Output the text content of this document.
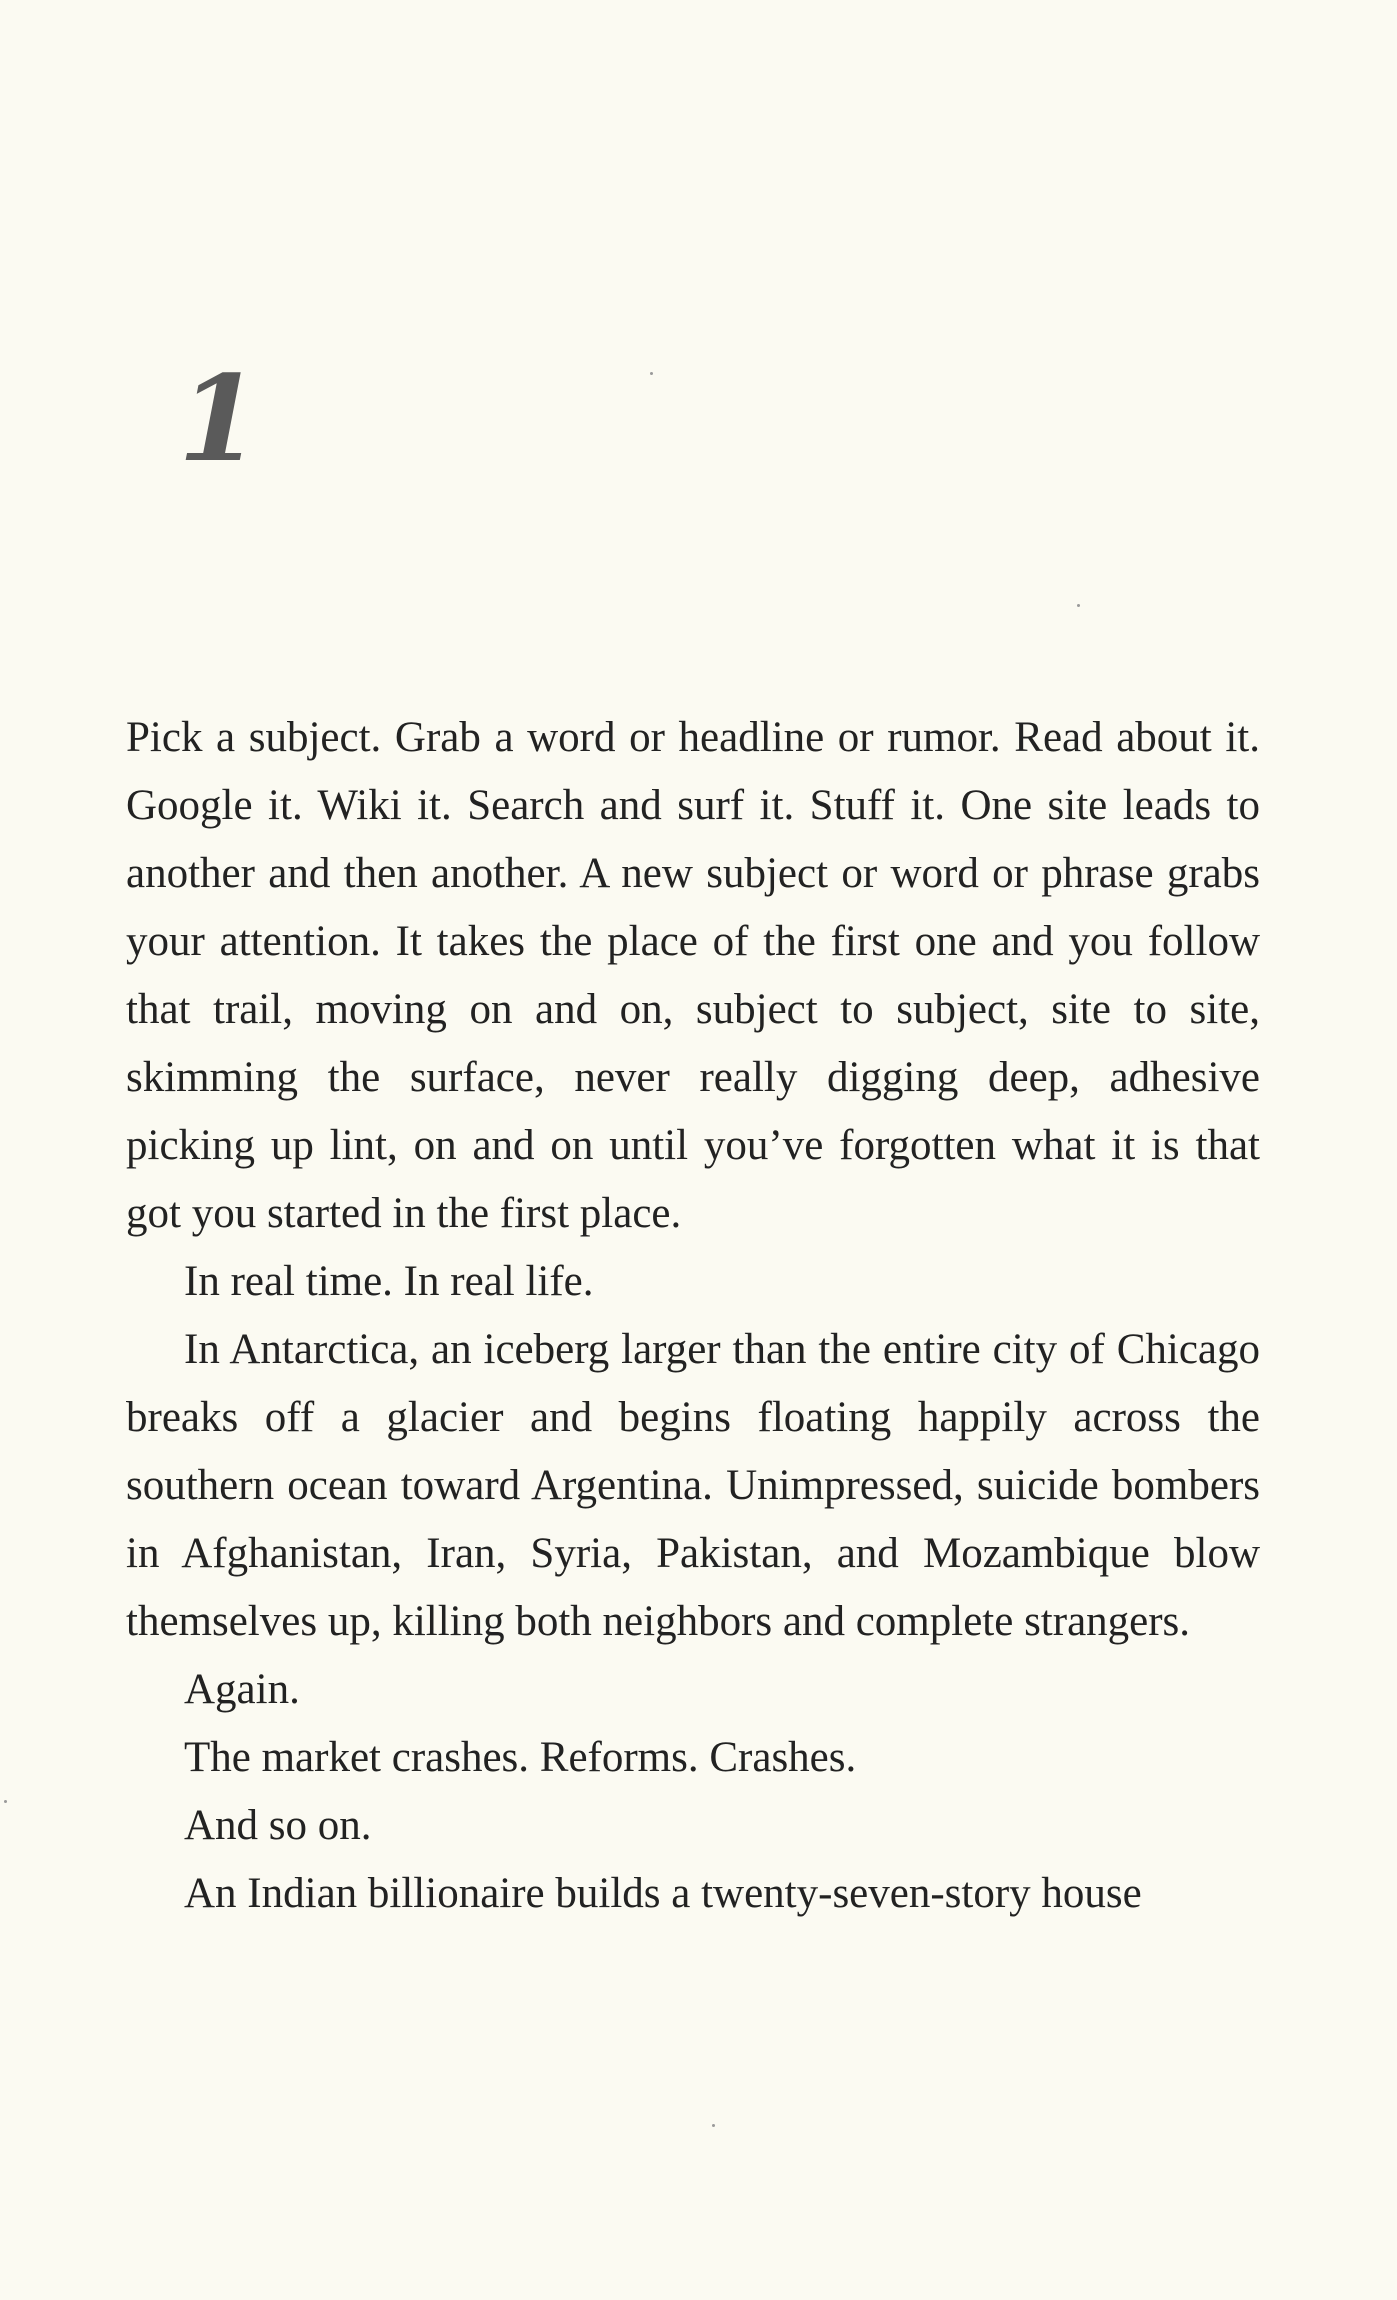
1

Pick a subject. Grab a word or headline or rumor. Read about it. Google it. Wiki it. Search and surf it. Stuff it. One site leads to another and then another. A new subject or word or phrase grabs your attention. It takes the place of the first one and you follow that trail, moving on and on, subject to subject, site to site, skimming the surface, never really digging deep, adhesive picking up lint, on and on until you’ve forgotten what it is that got you started in the first place.

In real time. In real life.

In Antarctica, an iceberg larger than the entire city of Chicago breaks off a glacier and begins floating happily across the southern ocean toward Argentina. Unimpressed, suicide bombers in Afghanistan, Iran, Syria, Pakistan, and Mozambique blow themselves up, killing both neighbors and complete strangers.

Again.

The market crashes. Reforms. Crashes.

And so on.

An Indian billionaire builds a twenty-seven-story house
